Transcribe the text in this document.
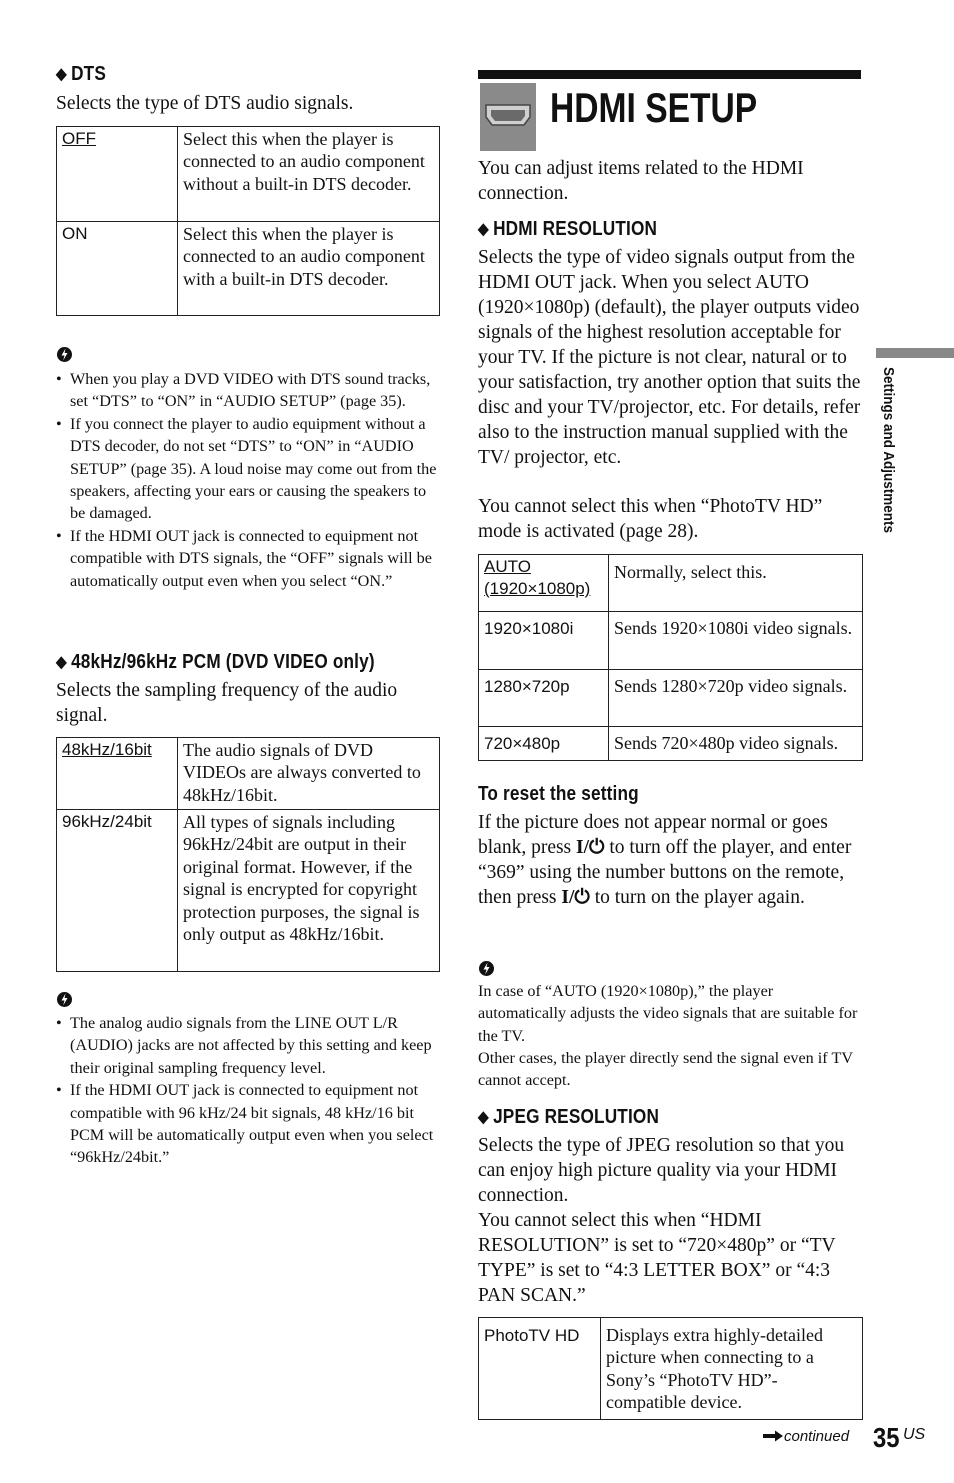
◆ DTS
Selects the type of DTS audio signals.
OFF	Select this when the player is connected to an audio component without a built-in DTS decoder.
ON	Select this when the player is connected to an audio component with a built-in DTS decoder.
• When you play a DVD VIDEO with DTS sound tracks, set “DTS” to “ON” in “AUDIO SETUP” (page 35).
• If you connect the player to audio equipment without a DTS decoder, do not set “DTS” to “ON” in “AUDIO SETUP” (page 35). A loud noise may come out from the speakers, affecting your ears or causing the speakers to be damaged.
• If the HDMI OUT jack is connected to equipment not compatible with DTS signals, the “OFF” signals will be automatically output even when you select “ON.”
◆ 48kHz/96kHz PCM (DVD VIDEO only)
Selects the sampling frequency of the audio signal.
48kHz/16bit	The audio signals of DVD VIDEOs are always converted to 48kHz/16bit.
96kHz/24bit	All types of signals including 96kHz/24bit are output in their original format. However, if the signal is encrypted for copyright protection purposes, the signal is only output as 48kHz/16bit.
• The analog audio signals from the LINE OUT L/R (AUDIO) jacks are not affected by this setting and keep their original sampling frequency level.
• If the HDMI OUT jack is connected to equipment not compatible with 96 kHz/24 bit signals, 48 kHz/16 bit PCM will be automatically output even when you select “96kHz/24bit.”
HDMI SETUP
You can adjust items related to the HDMI connection.
◆ HDMI RESOLUTION
Selects the type of video signals output from the HDMI OUT jack. When you select AUTO (1920×1080p) (default), the player outputs video signals of the highest resolution acceptable for your TV. If the picture is not clear, natural or to your satisfaction, try another option that suits the disc and your TV/projector, etc. For details, refer also to the instruction manual supplied with the TV/ projector, etc.
You cannot select this when “PhotoTV HD” mode is activated (page 28).
AUTO
(1920×1080p)	Normally, select this.
1920×1080i	Sends 1920×1080i video signals.
1280×720p	Sends 1280×720p video signals.
720×480p	Sends 720×480p video signals.
To reset the setting
If the picture does not appear normal or goes blank, press I/⏻ to turn off the player, and enter “369” using the number buttons on the remote, then press I/⏻ to turn on the player again.
In case of “AUTO (1920×1080p),” the player automatically adjusts the video signals that are suitable for the TV.
Other cases, the player directly send the signal even if TV cannot accept.
◆ JPEG RESOLUTION
Selects the type of JPEG resolution so that you can enjoy high picture quality via your HDMI connection.
You cannot select this when “HDMI RESOLUTION” is set to “720×480p” or “TV TYPE” is set to “4:3 LETTER BOX” or “4:3 PAN SCAN.”
PhotoTV HD	Displays extra highly-detailed picture when connecting to a Sony’s “PhotoTV HD”-compatible device.
Settings and Adjustments
continued 35 US
